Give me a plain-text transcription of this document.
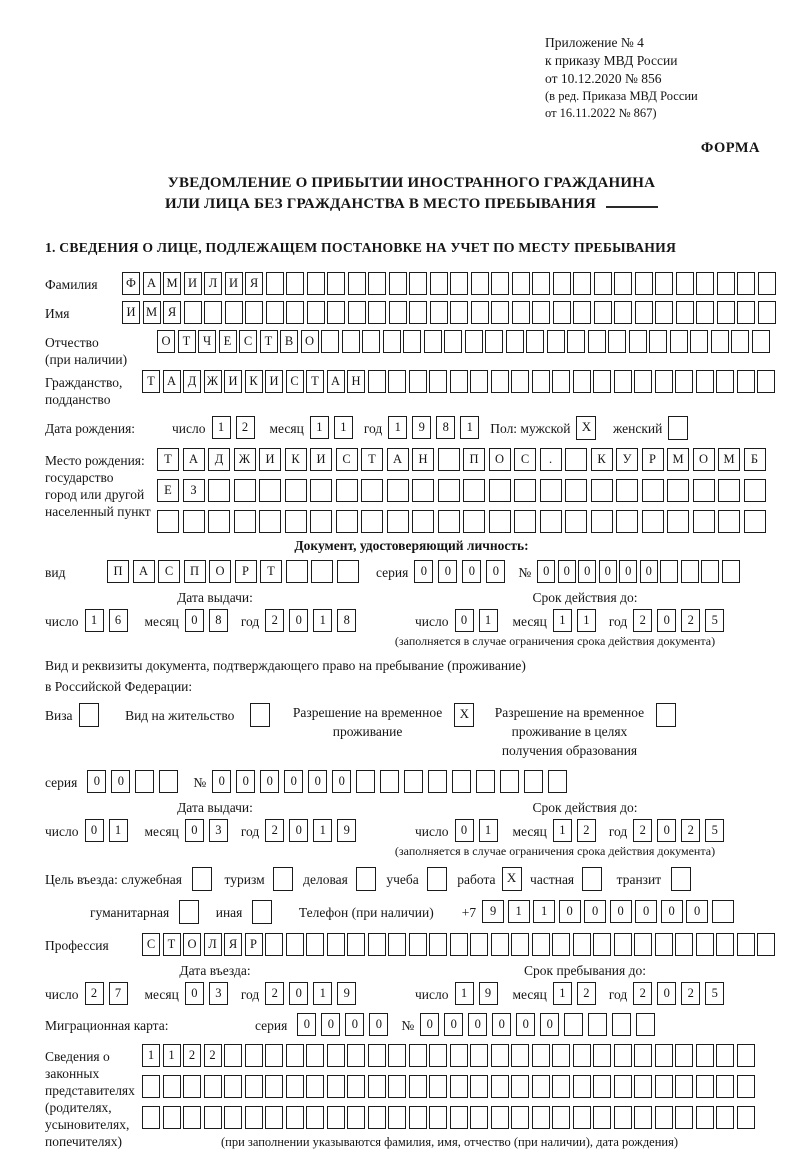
Приложение № 4
к приказу МВД России
от 10.12.2020 № 856
(в ред. Приказа МВД России
от 16.11.2022 № 867)
ФОРМА
УВЕДОМЛЕНИЕ О ПРИБЫТИИ ИНОСТРАННОГО ГРАЖДАНИНА
ИЛИ ЛИЦА БЕЗ ГРАЖДАНСТВА В МЕСТО ПРЕБЫВАНИЯ
1. СВЕДЕНИЯ О ЛИЦЕ, ПОДЛЕЖАЩЕМ ПОСТАНОВКЕ НА УЧЕТ ПО МЕСТУ ПРЕБЫВАНИЯ
Фамилия	Ф А М И Л И Я
Имя	И М Я
Отчество
(при наличии)
О Т Ч Е С Т В О
Гражданство,
подданство
Т А Д Ж И К И С Т А Н
Дата рождения:	число 1 2	месяц 1 1	год 1 9 8 1	Пол: мужской X	женский
Место рождения:
государство
город или другой
населенный пункт
Т А Д Ж И К И С Т А Н	П О С .	К У Р М О М Б
Е З
Документ, удостоверяющий личность:
вид	П А С П О Р Т	серия 0 0 0 0	№ 0 0 0 0 0 0
Дата выдачи:	Срок действия до:
число 1 6	месяц 0 8	год 2 0 1 8	число 0 1	месяц 1 1	год 2 0 2 5
(заполняется в случае ограничения срока действия документа)
Вид и реквизиты документа, подтверждающего право на пребывание (проживание)
в Российской Федерации:
Виза	Вид на жительство	Разрешение на временное
проживание
X	Разрешение на временное
проживание в целях
получения образования
серия	0 0	№ 0 0 0 0 0 0
Дата выдачи:	Срок действия до:
число 0 1	месяц 0 3	год 2 0 1 9	число 0 1	месяц 1 2	год 2 0 2 5
(заполняется в случае ограничения срока действия документа)
Цель въезда: служебная	туризм	деловая	учеба	работа X	частная	транзит
гуманитарная	иная	Телефон (при наличии) +7	9 1 1 0 0 0 0 0 0
Профессия	С Т О Л Я Р
Дата въезда:	Срок пребывания до:
число 2 7	месяц 0 3	год 2 0 1 9	число 1 9	месяц 1 2	год 2 0 2 5
Миграционная карта:	серия	0 0 0 0	№ 0 0 0 0 0 0
Сведения о
законных
представителях
(родителях,
усыновителях,
попечителях)
1 1 2 2
(при заполнении указываются фамилия, имя, отчество (при наличии), дата рождения)
